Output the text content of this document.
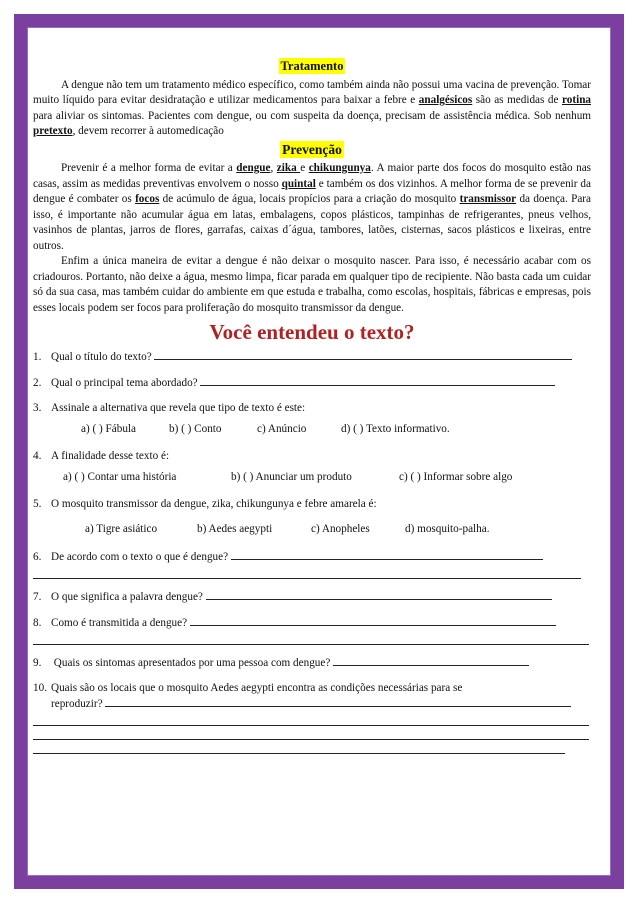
Tratamento

A dengue não tem um tratamento médico específico, como também ainda não possui uma vacina de prevenção. Tomar muito líquido para evitar desidratação e utilizar medicamentos para baixar a febre e analgésicos são as medidas de rotina para aliviar os sintomas. Pacientes com dengue, ou com suspeita da doença, precisam de assistência médica. Sob nenhum pretexto, devem recorrer à automedicação

Prevenção

Prevenir é a melhor forma de evitar a dengue, zika e chikungunya. A maior parte dos focos do mosquito estão nas casas, assim as medidas preventivas envolvem o nosso quintal e também os dos vizinhos. A melhor forma de se prevenir da dengue é combater os focos de acúmulo de água, locais propícios para a criação do mosquito transmissor da doença. Para isso, é importante não acumular água em latas, embalagens, copos plásticos, tampinhas de refrigerantes, pneus velhos, vasinhos de plantas, jarros de flores, garrafas, caixas d´água, tambores, latões, cisternas, sacos plásticos e lixeiras, entre outros.

Enfim a única maneira de evitar a dengue é não deixar o mosquito nascer. Para isso, é necessário acabar com os criadouros. Portanto, não deixe a água, mesmo limpa, ficar parada em qualquer tipo de recipiente. Não basta cada um cuidar só da sua casa, mas também cuidar do ambiente em que estuda e trabalha, como escolas, hospitais, fábricas e empresas, pois esses locais podem ser focos para proliferação do mosquito transmissor da dengue.

Você entendeu o texto?
1. Qual o título do texto?
2. Qual o principal tema abordado?
3. Assinale a alternativa que revela que tipo de texto é este:
a) ( ) Fábula	b) ( ) Conto	c) Anúncio	d) ( ) Texto informativo.
4. A finalidade desse texto é:
a) ( ) Contar uma história	b) ( ) Anunciar um produto	c) ( ) Informar sobre algo
5. O mosquito transmissor da dengue, zika, chikungunya e febre amarela é:
a) Tigre asiático	b) Aedes aegypti	c) Anopheles	d) mosquito-palha.
6. De acordo com o texto o que é dengue?
7. O que significa a palavra dengue?
8. Como é transmitida a dengue?
9. Quais os sintomas apresentados por uma pessoa com dengue?
10. Quais são os locais que o mosquito Aedes aegypti encontra as condições necessárias para se
reproduzir?
